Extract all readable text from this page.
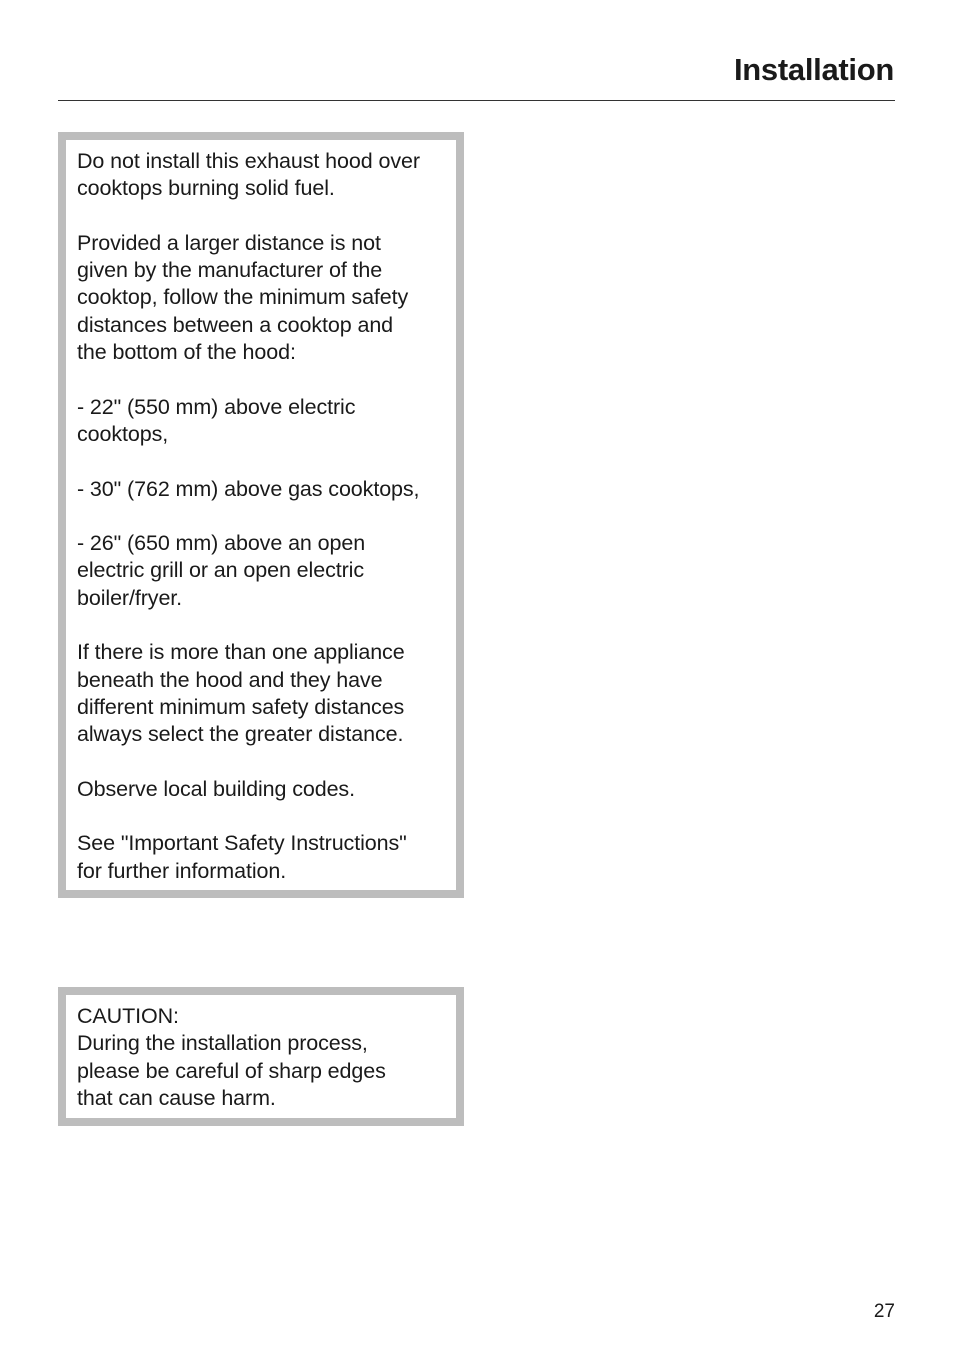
Installation

Do not install this exhaust hood over
cooktops burning solid fuel.

Provided a larger distance is not
given by the manufacturer of the
cooktop, follow the minimum safety
distances between a cooktop and
the bottom of the hood:

- 22" (550 mm) above electric
cooktops,

- 30" (762 mm) above gas cooktops,

- 26" (650 mm) above an open
electric grill or an open electric
boiler/fryer.

If there is more than one appliance
beneath the hood and they have
different minimum safety distances
always select the greater distance.

Observe local building codes.

See "Important Safety Instructions"
for further information.

CAUTION:
During the installation process,
please be careful of sharp edges
that can cause harm.

27
